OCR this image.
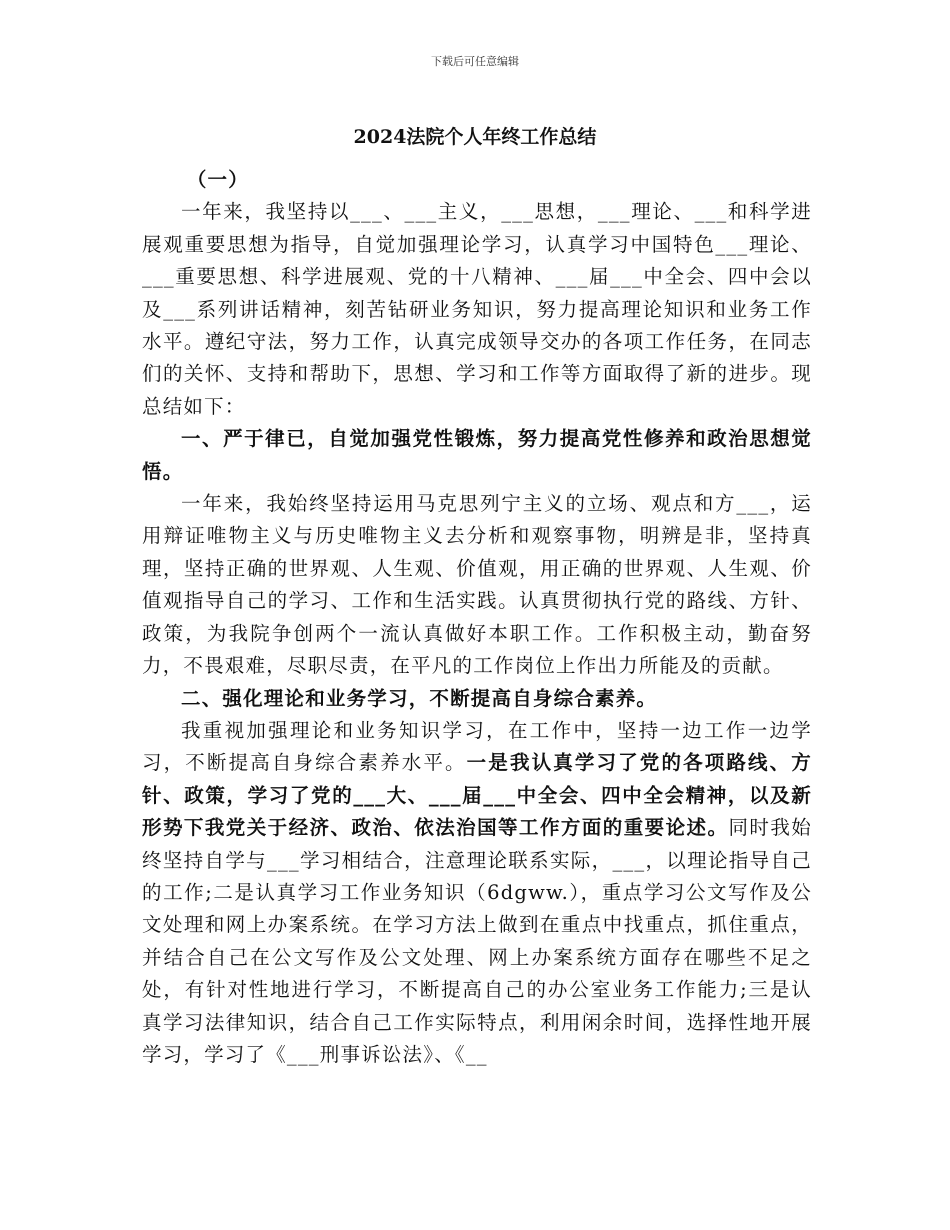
下载后可任意编辑
2024法院个人年终工作总结

（一）

一年来，我坚持以___、___主义，___思想，___理论、___和科学进展观重要思想为指导，自觉加强理论学习，认真学习中国特色___理论、___重要思想、科学进展观、党的十八精神、___届___中全会、四中会以及___系列讲话精神，刻苦钻研业务知识，努力提高理论知识和业务工作水平。遵纪守法，努力工作，认真完成领导交办的各项工作任务，在同志们的关怀、支持和帮助下，思想、学习和工作等方面取得了新的进步。现总结如下：

一、严于律已，自觉加强党性锻炼，努力提高党性修养和政治思想觉悟。

一年来，我始终坚持运用马克思列宁主义的立场、观点和方___，运用辩证唯物主义与历史唯物主义去分析和观察事物，明辨是非，坚持真理，坚持正确的世界观、人生观、价值观，用正确的世界观、人生观、价值观指导自己的学习、工作和生活实践。认真贯彻执行党的路线、方针、政策，为我院争创两个一流认真做好本职工作。工作积极主动，勤奋努力，不畏艰难，尽职尽责，在平凡的工作岗位上作出力所能及的贡献。

二、强化理论和业务学习，不断提高自身综合素养。

我重视加强理论和业务知识学习，在工作中，坚持一边工作一边学习，不断提高自身综合素养水平。一是我认真学习了党的各项路线、方针、政策，学习了党的___大、___届___中全会、四中全会精神，以及新形势下我党关于经济、政治、依法治国等工作方面的重要论述。同时我始终坚持自学与___学习相结合，注意理论联系实际，___，以理论指导自己的工作;二是认真学习工作业务知识（6dgww.），重点学习公文写作及公文处理和网上办案系统。在学习方法上做到在重点中找重点，抓住重点，并结合自己在公文写作及公文处理、网上办案系统方面存在哪些不足之处，有针对性地进行学习，不断提高自己的办公室业务工作能力;三是认真学习法律知识，结合自己工作实际特点，利用闲余时间，选择性地开展学习，学习了《___刑事诉讼法》、《__
